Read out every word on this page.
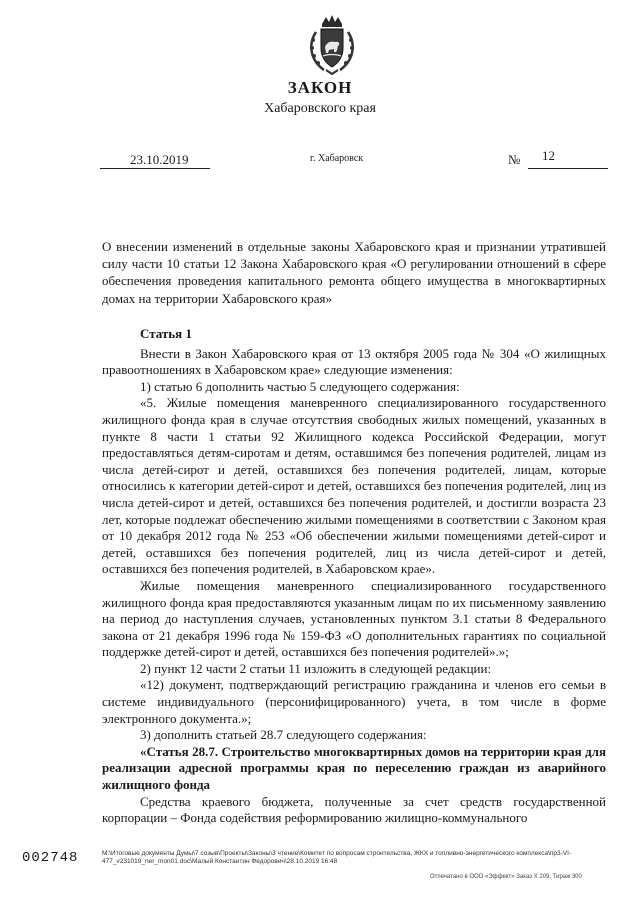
ЗАКОН
Хабаровского края
23.10.2019	г. Хабаровск	№ 12
О внесении изменений в отдельные законы Хабаровского края и признании утратившей силу части 10 статьи 12 Закона Хабаровского края «О регулировании отношений в сфере обеспечения проведения капитального ремонта общего имущества в многоквартирных домах на территории Хабаровского края»

Статья 1

Внести в Закон Хабаровского края от 13 октября 2005 года № 304 «О жилищных правоотношениях в Хабаровском крае» следующие изменения:

1) статью 6 дополнить частью 5 следующего содержания:

«5. Жилые помещения маневренного специализированного государственного жилищного фонда края в случае отсутствия свободных жилых помещений, указанных в пункте 8 части 1 статьи 92 Жилищного кодекса Российской Федерации, могут предоставляться детям-сиротам и детям, оставшимся без попечения родителей, лицам из числа детей-сирот и детей, оставшихся без попечения родителей, лицам, которые относились к категории детей-сирот и детей, оставшихся без попечения родителей, лиц из числа детей-сирот и детей, оставшихся без попечения родителей, и достигли возраста 23 лет, которые подлежат обеспечению жилыми помещениями в соответствии с Законом края от 10 декабря 2012 года № 253 «Об обеспечении жилыми помещениями детей-сирот и детей, оставшихся без попечения родителей, лиц из числа детей-сирот и детей, оставшихся без попечения родителей, в Хабаровском крае».

Жилые помещения маневренного специализированного государственного жилищного фонда края предоставляются указанным лицам по их письменному заявлению на период до наступления случаев, установленных пунктом 3.1 статьи 8 Федерального закона от 21 декабря 1996 года № 159-ФЗ «О дополнительных гарантиях по социальной поддержке детей-сирот и детей, оставшихся без попечения родителей».»;

2) пункт 12 части 2 статьи 11 изложить в следующей редакции:

«12) документ, подтверждающий регистрацию гражданина и членов его семьи в системе индивидуального (персонифицированного) учета, в том числе в форме электронного документа.»;

3) дополнить статьей 28.7 следующего содержания:

«Статья 28.7. Строительство многоквартирных домов на территории края для реализации адресной программы края по переселению граждан из аварийного жилищного фонда

Средства краевого бюджета, полученные за счет средств государственной корпорации – Фонда содействия реформированию жилищно-коммунального

002748	M:\Итоговые документы Думы\7 созыв\Проекты\Законы\3 чтение\Комитет по вопросам строительства, ЖКХ и топливно-энергетического комплекса\пр3-VI-477_v231019_ner_mon01.doc\Малый Константин Федорович\28.10.2019 16:48
Отпечатано в ООО «Эффект» Заказ Х 209. Тираж 300
